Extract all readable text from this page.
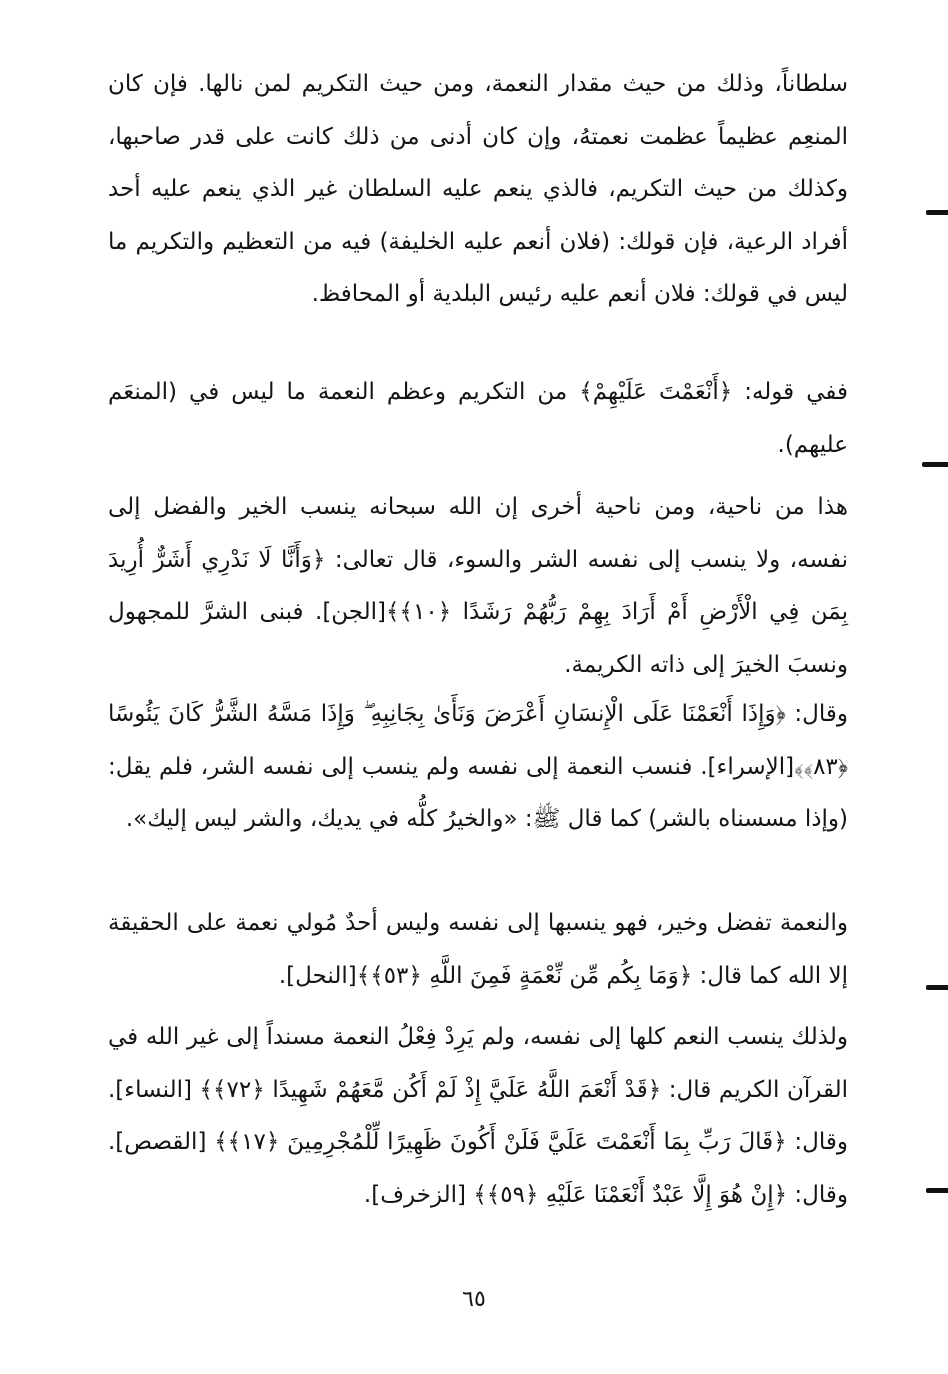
سلطاناً، وذلك من حيث مقدار النعمة، ومن حيث التكريم لمن نالها. فإن كان المنعِم عظيماً عظمت نعمتهُ، وإن كان أدنى من ذلك كانت على قدر صاحبها، وكذلك من حيث التكريم، فالذي ينعم عليه السلطان غير الذي ينعم عليه أحد أفراد الرعية، فإن قولك: (فلان أنعم عليه الخليفة) فيه من التعظيم والتكريم ما ليس في قولك: فلان أنعم عليه رئيس البلدية أو المحافظ.

ففي قوله: ﴿أَنْعَمْتَ عَلَيْهِمْ﴾ من التكريم وعظم النعمة ما ليس في (المنعَم عليهم).

هذا من ناحية، ومن ناحية أخرى إن الله سبحانه ينسب الخير والفضل إلى نفسه، ولا ينسب إلى نفسه الشر والسوء، قال تعالى: ﴿وَأَنَّا لَا نَدْرِي أَشَرٌّ أُرِيدَ بِمَن فِي الْأَرْضِ أَمْ أَرَادَ بِهِمْ رَبُّهُمْ رَشَدًا ﴿١٠﴾﴾[الجن]. فبنى الشرَّ للمجهول ونسبَ الخيرَ إلى ذاته الكريمة.

وقال: ﴿وَإِذَا أَنْعَمْنَا عَلَى الْإِنسَانِ أَعْرَضَ وَنَأَىٰ بِجَانِبِهِ ۖ وَإِذَا مَسَّهُ الشَّرُّ كَانَ يَئُوسًا ﴿٨٣﴾﴾[الإسراء]. فنسب النعمة إلى نفسه ولم ينسب إلى نفسه الشر، فلم يقل: (وإذا مسسناه بالشر) كما قال ﷺ: «والخيرُ كلُّه في يديك، والشر ليس إليك».

والنعمة تفضل وخير، فهو ينسبها إلى نفسه وليس أحدٌ مُولي نعمة على الحقيقة إلا الله كما قال: ﴿وَمَا بِكُم مِّن نِّعْمَةٍ فَمِنَ اللَّهِ ﴿٥٣﴾﴾[النحل].

ولذلك ينسب النعم كلها إلى نفسه، ولم يَرِدْ فِعْلُ النعمة مسنداً إلى غير الله في القرآن الكريم قال: ﴿قَدْ أَنْعَمَ اللَّهُ عَلَيَّ إِذْ لَمْ أَكُن مَّعَهُمْ شَهِيدًا ﴿٧٢﴾﴾ [النساء]. وقال: ﴿قَالَ رَبِّ بِمَا أَنْعَمْتَ عَلَيَّ فَلَنْ أَكُونَ ظَهِيرًا لِّلْمُجْرِمِينَ ﴿١٧﴾﴾ [القصص]. وقال: ﴿إِنْ هُوَ إِلَّا عَبْدٌ أَنْعَمْنَا عَلَيْهِ ﴿٥٩﴾﴾ [الزخرف].

٦٥
